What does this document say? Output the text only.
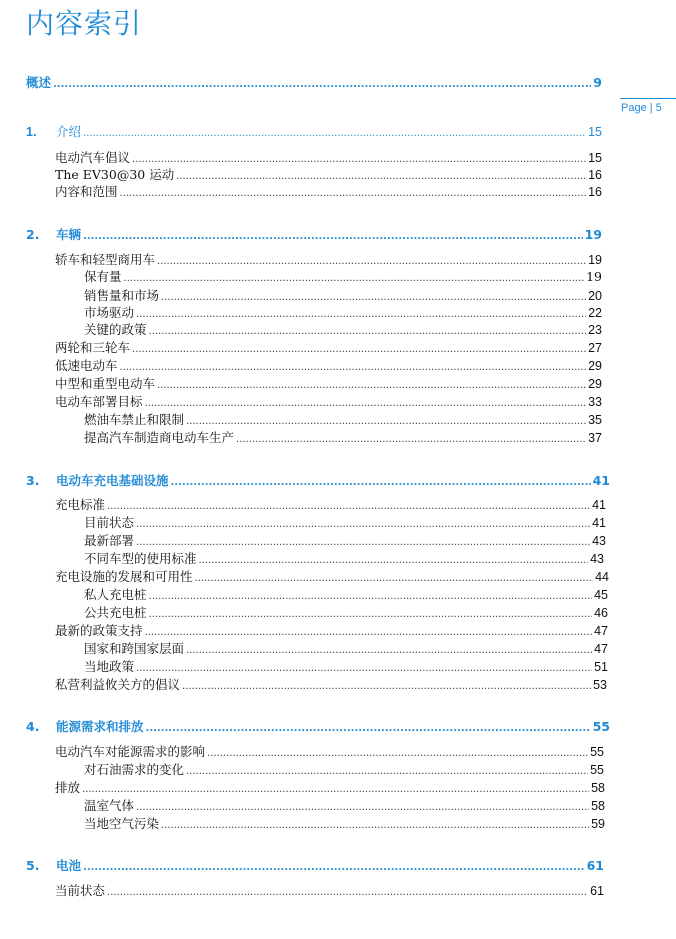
内容索引
Page | 5
概述 .....	9
1.	介绍 .....	15
电动汽车倡议 .....	15
The EV30@30 运动 .....	16
内容和范围 .....	16
2.	车辆 .....	19
轿车和轻型商用车 .....	19
保有量 .....	19
销售量和市场 .....	20
市场驱动 .....	22
关键的政策 .....	23
两轮和三轮车 .....	27
低速电动车 .....	29
中型和重型电动车 .....	29
电动车部署目标 .....	33
燃油车禁止和限制 .....	35
提高汽车制造商电动车生产 .....	37
3.	电动车充电基础设施 .....	41
充电标准 .....	41
目前状态 .....	41
最新部署 .....	43
不同车型的使用标准 .....	43
充电设施的发展和可用性 .....	44
私人充电桩 .....	45
公共充电桩 .....	46
最新的政策支持 .....	47
国家和跨国家层面 .....	47
当地政策 .....	51
私营利益攸关方的倡议 .....	53
4.	能源需求和排放 .....	55
电动汽车对能源需求的影响 .....	55
对石油需求的变化 .....	55
排放 .....	58
温室气体 .....	58
当地空气污染 .....	59
5.	电池 .....	61
当前状态 .....	61
